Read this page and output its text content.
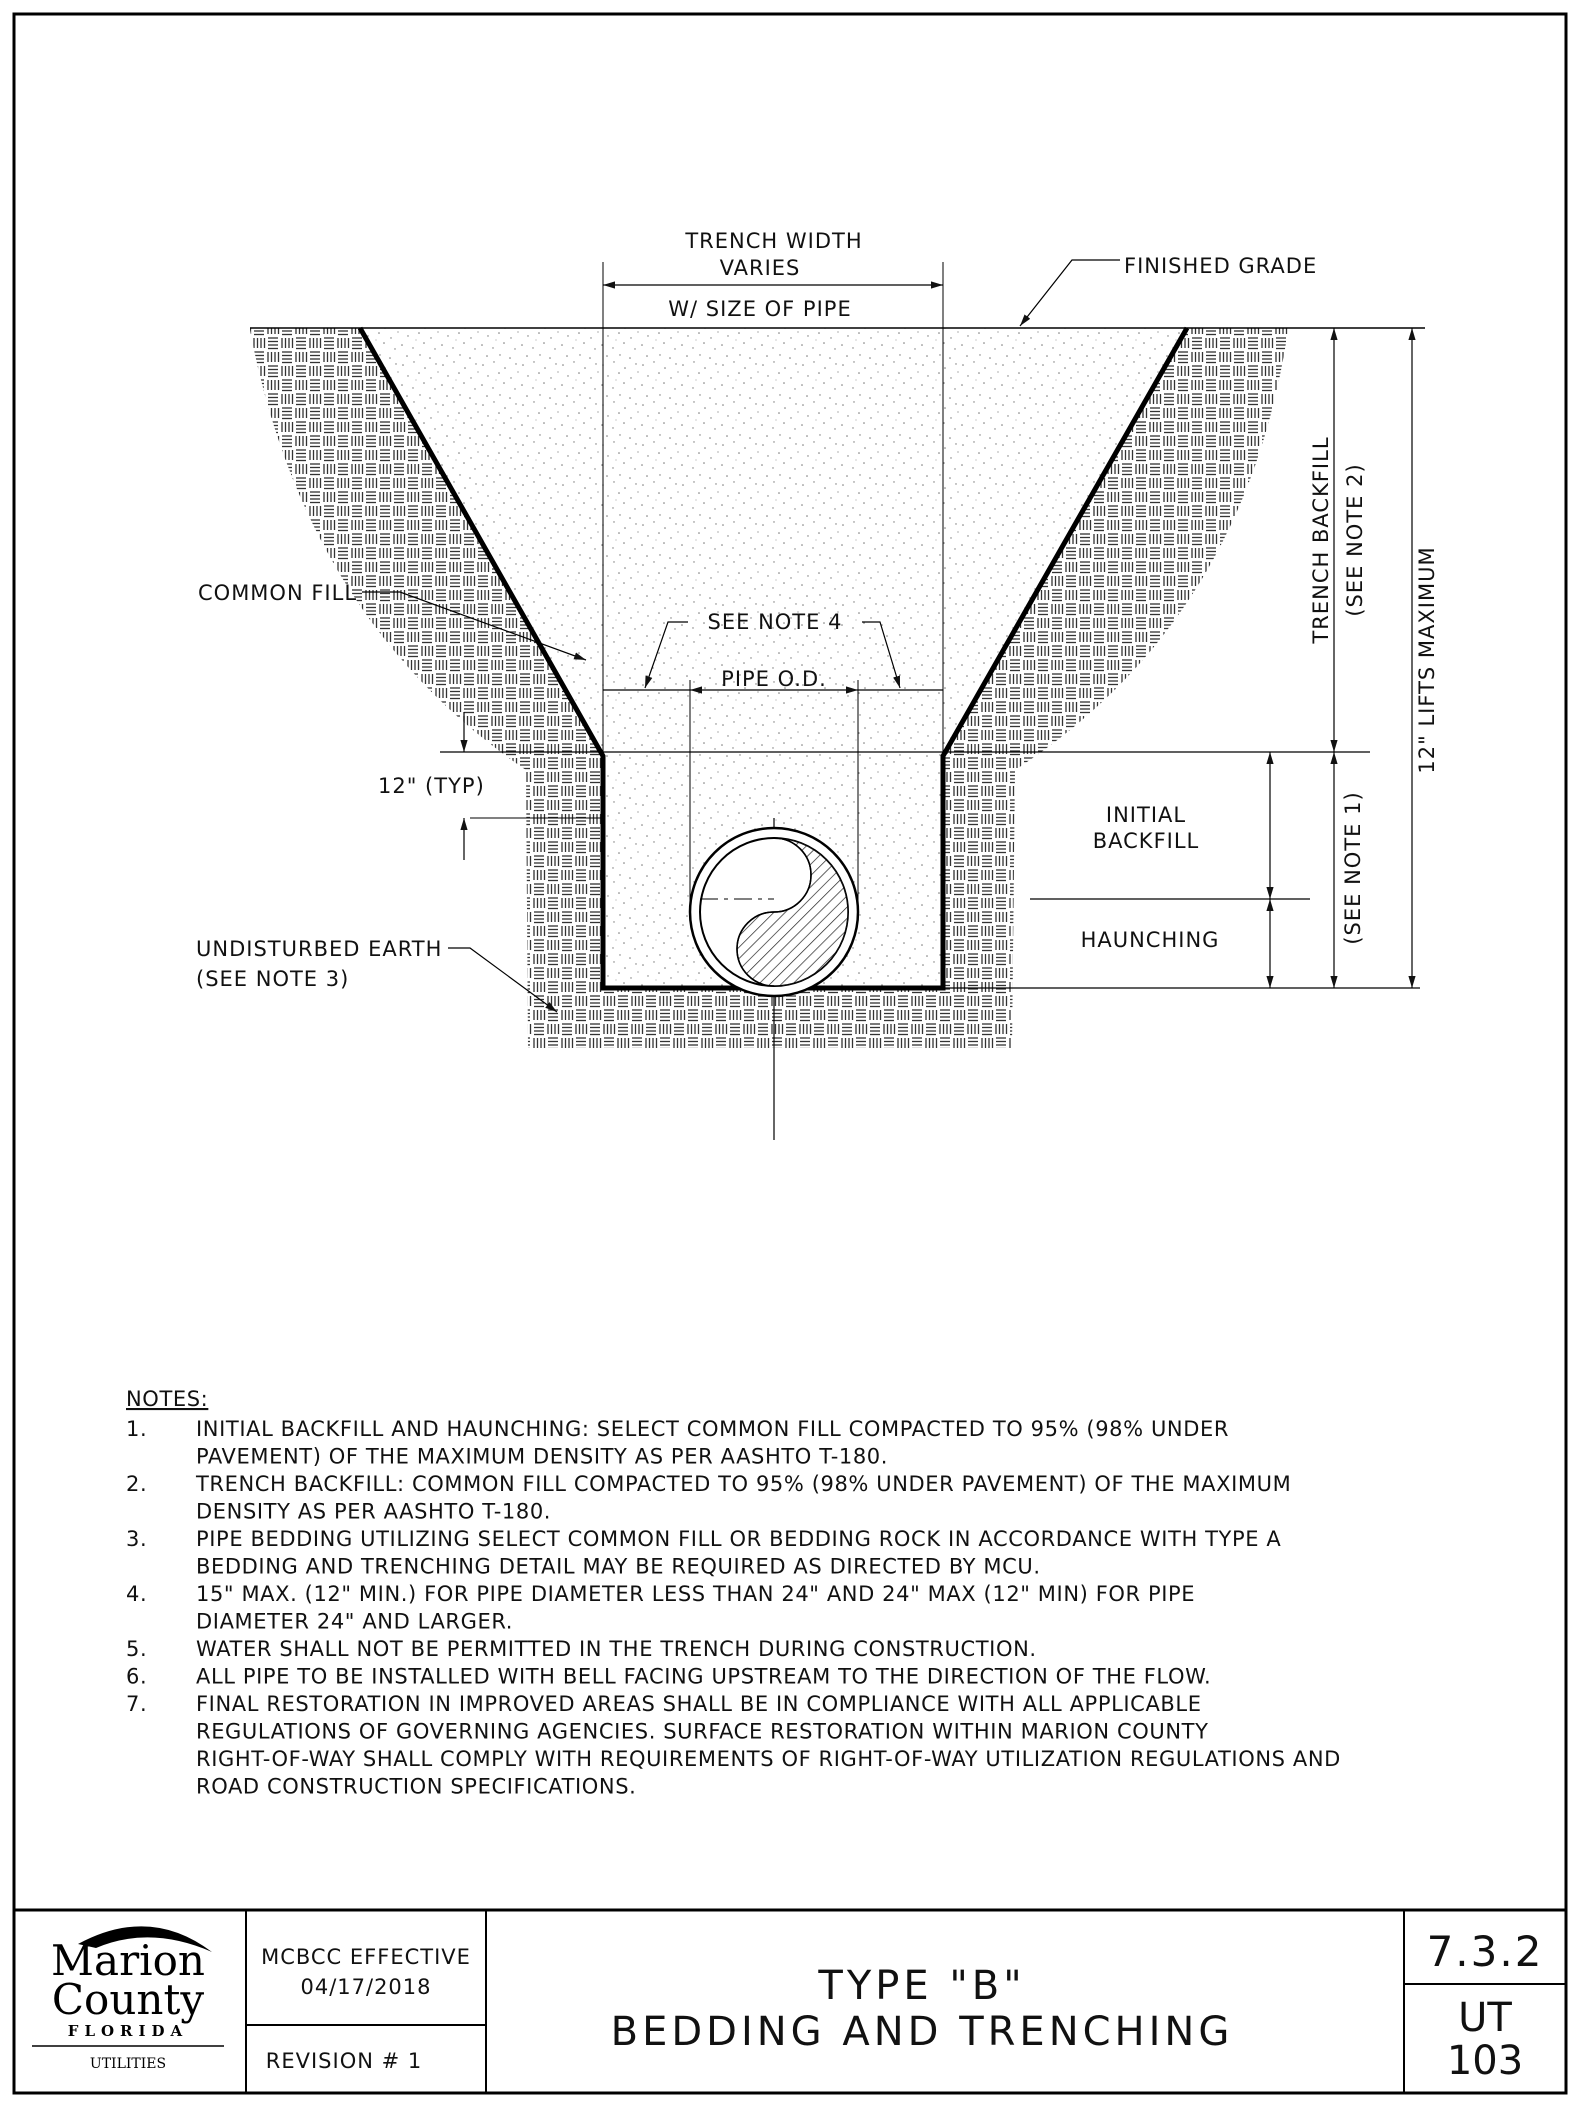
TRENCH WIDTH
VARIES
W/ SIZE OF PIPE
FINISHED GRADE
COMMON FILL
SEE NOTE 4
PIPE O.D.
12" (TYP)
INITIAL
BACKFILL
HAUNCHING
UNDISTURBED EARTH
(SEE NOTE 3)
TRENCH BACKFILL (SEE NOTE 2)
12" LIFTS MAXIMUM
(SEE NOTE 1)
NOTES:
1. INITIAL BACKFILL AND HAUNCHING: SELECT COMMON FILL COMPACTED TO 95% (98% UNDER
PAVEMENT) OF THE MAXIMUM DENSITY AS PER AASHTO T-180.
2. TRENCH BACKFILL: COMMON FILL COMPACTED TO 95% (98% UNDER PAVEMENT) OF THE MAXIMUM
DENSITY AS PER AASHTO T-180.
3. PIPE BEDDING UTILIZING SELECT COMMON FILL OR BEDDING ROCK IN ACCORDANCE WITH TYPE A
BEDDING AND TRENCHING DETAIL MAY BE REQUIRED AS DIRECTED BY MCU.
4. 15" MAX. (12" MIN.) FOR PIPE DIAMETER LESS THAN 24" AND 24" MAX (12" MIN) FOR PIPE
DIAMETER 24" AND LARGER.
5. WATER SHALL NOT BE PERMITTED IN THE TRENCH DURING CONSTRUCTION.
6. ALL PIPE TO BE INSTALLED WITH BELL FACING UPSTREAM TO THE DIRECTION OF THE FLOW.
7. FINAL RESTORATION IN IMPROVED AREAS SHALL BE IN COMPLIANCE WITH ALL APPLICABLE
REGULATIONS OF GOVERNING AGENCIES. SURFACE RESTORATION WITHIN MARION COUNTY
RIGHT-OF-WAY SHALL COMPLY WITH REQUIREMENTS OF RIGHT-OF-WAY UTILIZATION REGULATIONS AND
ROAD CONSTRUCTION SPECIFICATIONS.
Marion
County
FLORIDA
UTILITIES
MCBCC EFFECTIVE
04/17/2018
REVISION # 1
TYPE "B"
BEDDING AND TRENCHING
7.3.2
UT
103
